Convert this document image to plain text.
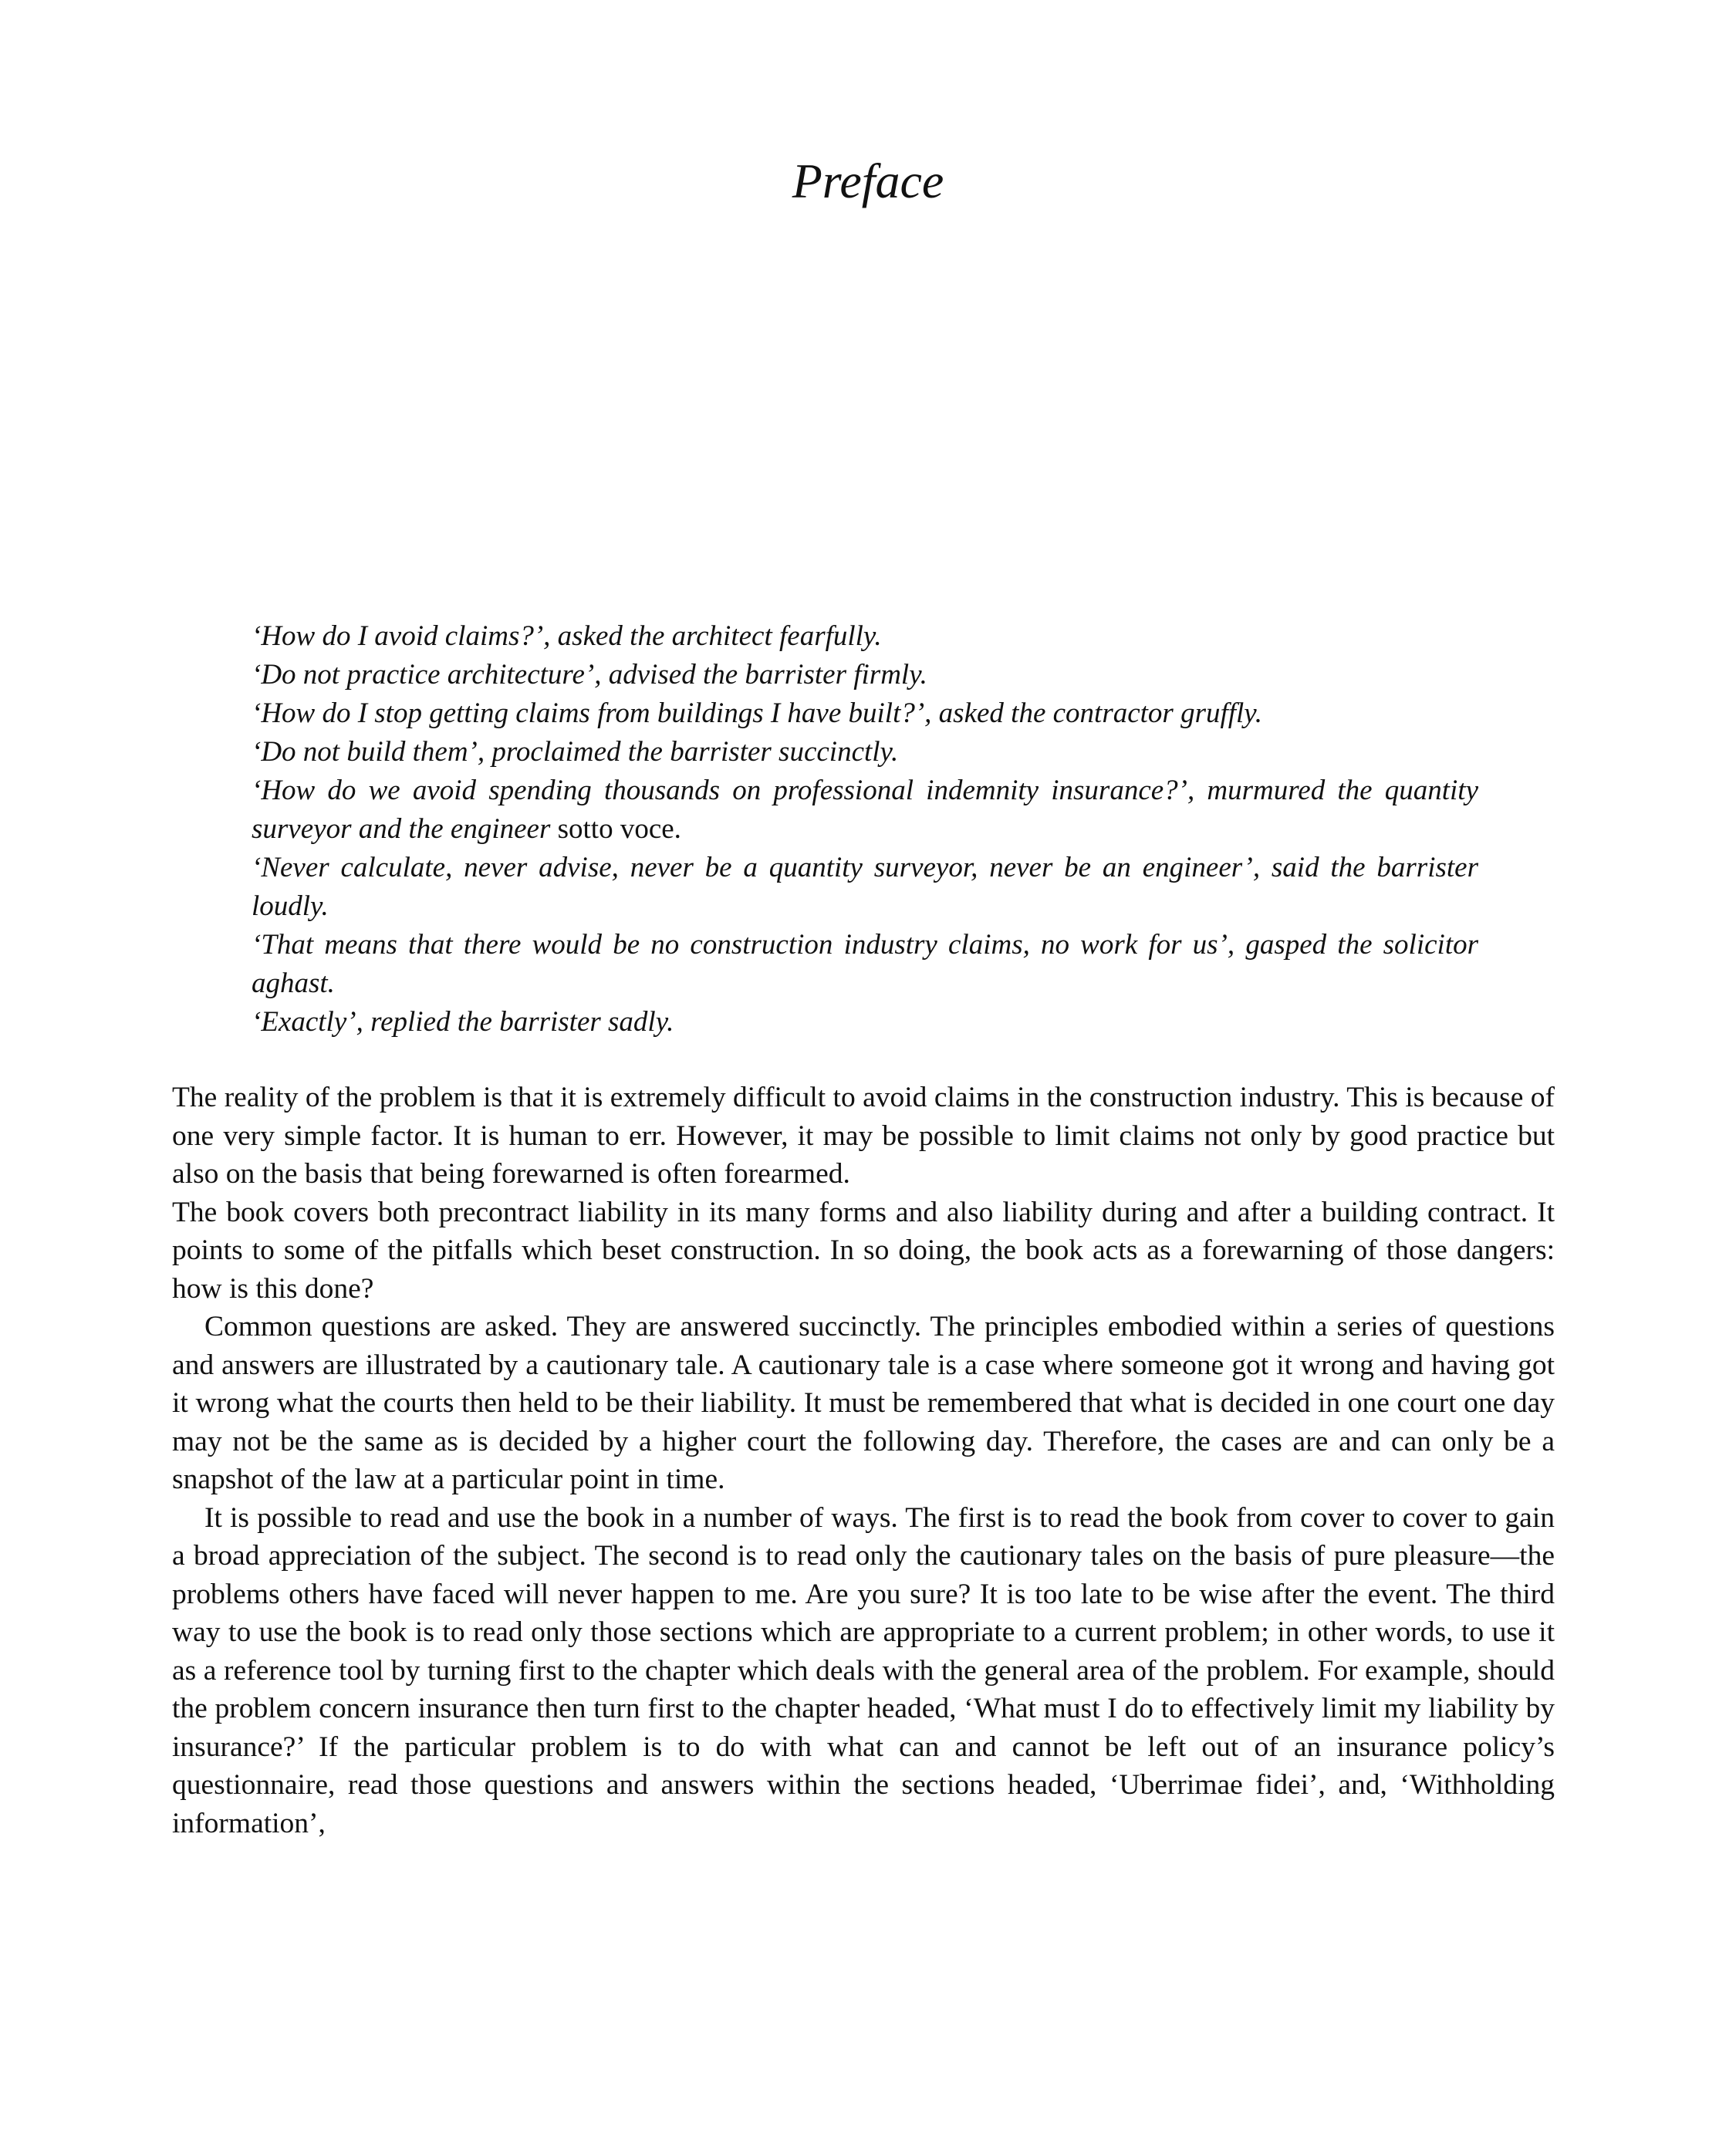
Preface
‘How do I avoid claims?’, asked the architect fearfully.
‘Do not practice architecture’, advised the barrister firmly.
‘How do I stop getting claims from buildings I have built?’, asked the contractor gruffly.
‘Do not build them’, proclaimed the barrister succinctly.
‘How do we avoid spending thousands on professional indemnity insurance?’, murmured the quantity surveyor and the engineer sotto voce.
‘Never calculate, never advise, never be a quantity surveyor, never be an engineer’, said the barrister loudly.
‘That means that there would be no construction industry claims, no work for us’, gasped the solicitor aghast.
‘Exactly’, replied the barrister sadly.

The reality of the problem is that it is extremely difficult to avoid claims in the construction industry. This is because of one very simple factor. It is human to err. However, it may be possible to limit claims not only by good practice but also on the basis that being forewarned is often forearmed.

The book covers both precontract liability in its many forms and also liability during and after a building contract. It points to some of the pitfalls which beset construction. In so doing, the book acts as a forewarning of those dangers: how is this done?

Common questions are asked. They are answered succinctly. The principles embodied within a series of questions and answers are illustrated by a cautionary tale. A cautionary tale is a case where someone got it wrong and having got it wrong what the courts then held to be their liability. It must be remembered that what is decided in one court one day may not be the same as is decided by a higher court the following day. Therefore, the cases are and can only be a snapshot of the law at a particular point in time.

It is possible to read and use the book in a number of ways. The first is to read the book from cover to cover to gain a broad appreciation of the subject. The second is to read only the cautionary tales on the basis of pure pleasure—the problems others have faced will never happen to me. Are you sure? It is too late to be wise after the event. The third way to use the book is to read only those sections which are appropriate to a current problem; in other words, to use it as a reference tool by turning first to the chapter which deals with the general area of the problem. For example, should the problem concern insurance then turn first to the chapter headed, ‘What must I do to effectively limit my liability by insurance?’ If the particular problem is to do with what can and cannot be left out of an insurance policy’s questionnaire, read those questions and answers within the sections headed, ‘Uberrimae fidei’, and, ‘Withholding information’,
